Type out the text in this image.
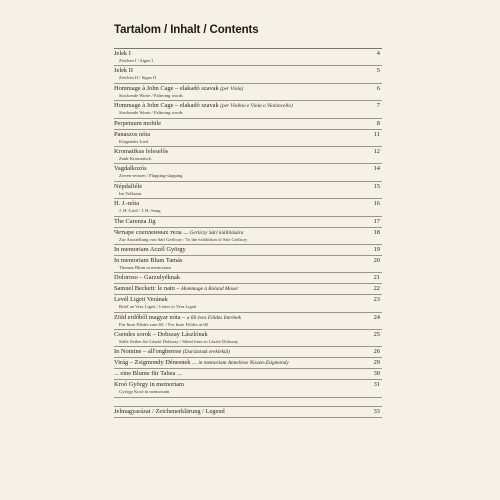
Tartalom / Inhalt / Contents
Jelek I	4
Zeichen I / Signs I
Jelek II	5
Zeichen II / Signs II
Hommage à John Cage – elakadó szavak (per Viola)	6
Stockende Worte / Faltering words
Hommage à John Cage – elakadó szavak (per Violino e Viola o Violoncello)	7
Stockende Worte / Faltering words
Perpetuum mobile	8
Panaszos nóta	11
Klagendes Lied
Kromatikus feleselős	12
Zank-Kromatisch
Vagdalkozós	14
Zerren-reissen / Flapping-slapping
Népdalféle	15
Im Volkston
H. J.-nóta	16
J. H.-Lied / J. H.-Song
The Carenza Jig	17
Четыре слепленных тела ... Gerliczy Sári kiállítására	18
Zur Ausstellung von Sári Gerliczy / To the exhibition of Sári Gerliczy
In memoriam Aczél György	19
In memoriam Blum Tamás	20
Thomas Blum in memoriam
Doloroso – Garzulyéknak	21
Samuel Beckett: le nain – Hommage à Roland Moser	22
Levél Ligeti Verának	23
Brief an Vera Ligeti / Letter to Vera Ligeti
Zöld erdőből magyar nóta – a 60 éves Földes Imrének	24
Für Imre Földes zum 60. / For Imre Földes at 60
Csendes sorok – Dobszay Lászlónak	25
Stille Zeilen für László Dobszay / Silent lines to László Dobszay
In Nomine – all'ongherese (Darázsnak ereklekül)	26
Virág – Zsigmondy Dénesnek ... in memoriam Anneliese Nissen-Zsigmondy	29
... eine Blume für Tabea ...	30
Kroó György in memoriam	31
György Kroó in memoriam
Jelmagyarázat / Zeichenerklärung / Legend	33
